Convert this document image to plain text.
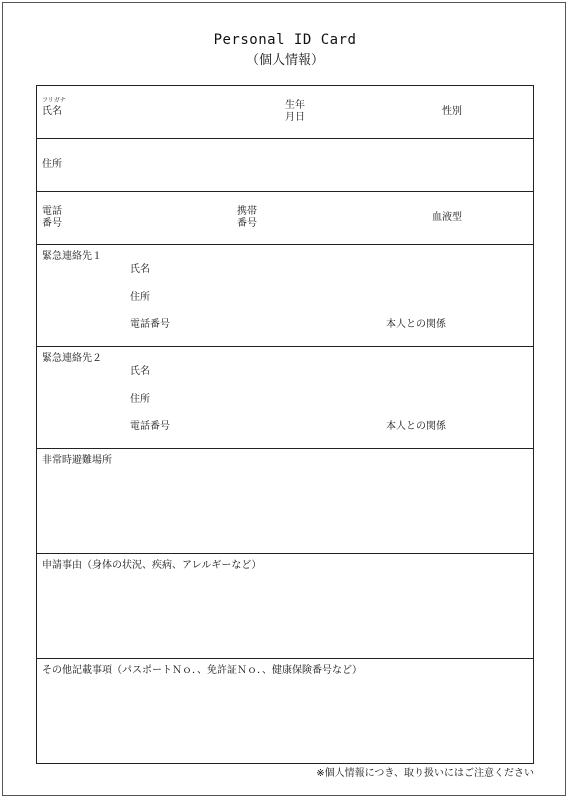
Personal ID Card
（個人情報）
フリガナ
氏名
生年
月日
性別
住所
電話
番号
携帯
番号
血液型
緊急連絡先１
氏名
住所
電話番号	本人との関係
緊急連絡先２
氏名
住所
電話番号	本人との関係
非常時避難場所
申請事由（身体の状況、疾病、アレルギーなど）
その他記載事項（パスポートＮｏ．、免許証Ｎｏ．、健康保険番号など）
※個人情報につき、取り扱いにはご注意ください
